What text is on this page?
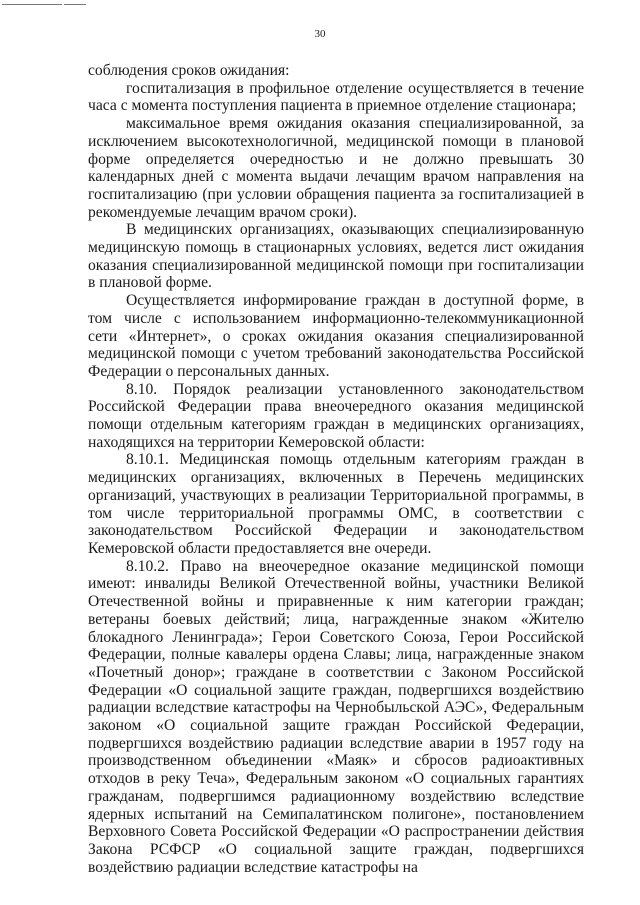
30

соблюдения сроков ожидания:

госпитализация в профильное отделение осуществляется в течение часа с момента поступления пациента в приемное отделение стационара;

максимальное время ожидания оказания специализированной, за исключением высокотехнологичной, медицинской помощи в плановой форме определяется очередностью и не должно превышать 30 календарных дней с момента выдачи лечащим врачом направления на госпитализацию (при условии обращения пациента за госпитализацией в рекомендуемые лечащим врачом сроки).

В медицинских организациях, оказывающих специализированную медицинскую помощь в стационарных условиях, ведется лист ожидания оказания специализированной медицинской помощи при госпитализации в плановой форме.

Осуществляется информирование граждан в доступной форме, в том числе с использованием информационно-телекоммуникационной сети «Интернет», о сроках ожидания оказания специализированной медицинской помощи с учетом требований законодательства Российской Федерации о персональных данных.

8.10. Порядок реализации установленного законодательством Российской Федерации права внеочередного оказания медицинской помощи отдельным категориям граждан в медицинских организациях, находящихся на территории Кемеровской области:

8.10.1. Медицинская помощь отдельным категориям граждан в медицинских организациях, включенных в Перечень медицинских организаций, участвующих в реализации Территориальной программы, в том числе территориальной программы ОМС, в соответствии с законодательством Российской Федерации и законодательством Кемеровской области предоставляется вне очереди.

8.10.2. Право на внеочередное оказание медицинской помощи имеют: инвалиды Великой Отечественной войны, участники Великой Отечественной войны и приравненные к ним категории граждан; ветераны боевых действий; лица, награжденные знаком «Жителю блокадного Ленинграда»; Герои Советского Союза, Герои Российской Федерации, полные кавалеры ордена Славы; лица, награжденные знаком «Почетный донор»; граждане в соответствии с Законом Российской Федерации «О социальной защите граждан, подвергшихся воздействию радиации вследствие катастрофы на Чернобыльской АЭС», Федеральным законом «О социальной защите граждан Российской Федерации, подвергшихся воздействию радиации вследствие аварии в 1957 году на производственном объединении «Маяк» и сбросов радиоактивных отходов в реку Теча», Федеральным законом «О социальных гарантиях гражданам, подвергшимся радиационному воздействию вследствие ядерных испытаний на Семипалатинском полигоне», постановлением Верховного Совета Российской Федерации «О распространении действия Закона РСФСР «О социальной защите граждан, подвергшихся воздействию радиации вследствие катастрофы на
